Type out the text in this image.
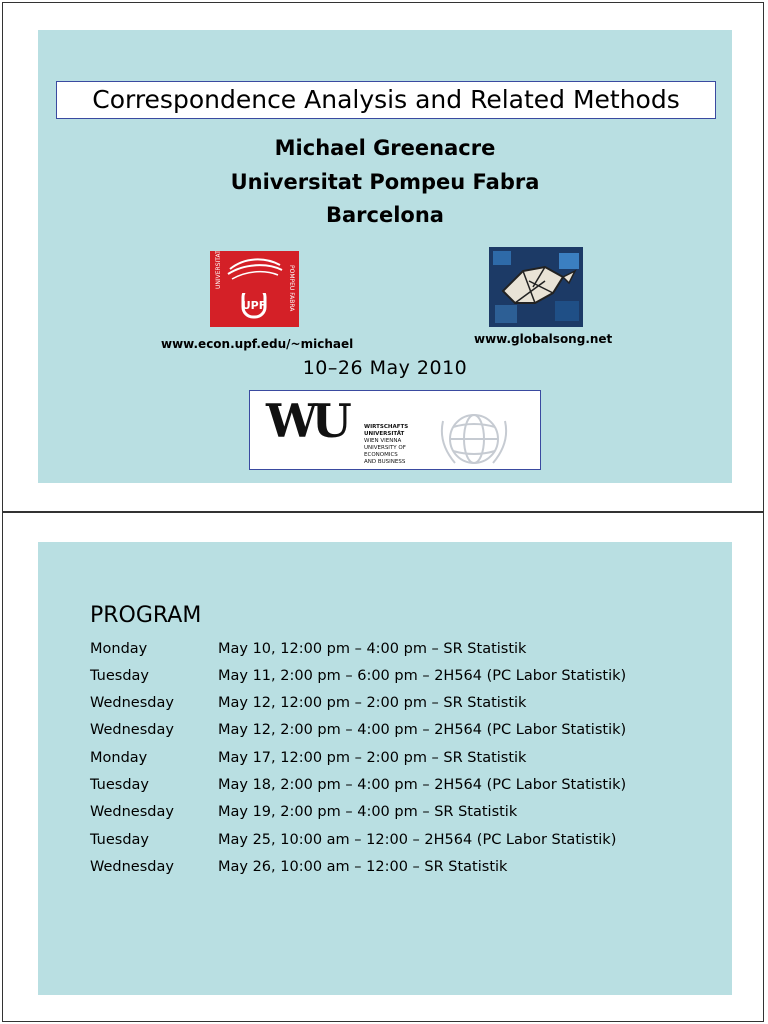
Correspondence Analysis and Related Methods
Michael Greenacre
Universitat Pompeu Fabra
Barcelona
UNIVERSITAT	POMPEU FABRA
UPF
www.econ.upf.edu/~michael	www.globalsong.net
10–26 May 2010
WU	WIRTSCHAFTS
UNIVERSITÄT
WIEN VIENNA
UNIVERSITY OF
ECONOMICS
AND BUSINESS
PROGRAM
Monday	May 10, 12:00 pm – 4:00 pm – SR Statistik
Tuesday	May 11, 2:00 pm – 6:00 pm – 2H564 (PC Labor Statistik)
Wednesday	May 12, 12:00 pm – 2:00 pm – SR Statistik
Wednesday	May 12, 2:00 pm – 4:00 pm – 2H564 (PC Labor Statistik)
Monday	May 17, 12:00 pm – 2:00 pm – SR Statistik
Tuesday	May 18, 2:00 pm – 4:00 pm – 2H564 (PC Labor Statistik)
Wednesday	May 19, 2:00 pm – 4:00 pm – SR Statistik
Tuesday	May 25, 10:00 am – 12:00 – 2H564 (PC Labor Statistik)
Wednesday	May 26, 10:00 am – 12:00 – SR Statistik
